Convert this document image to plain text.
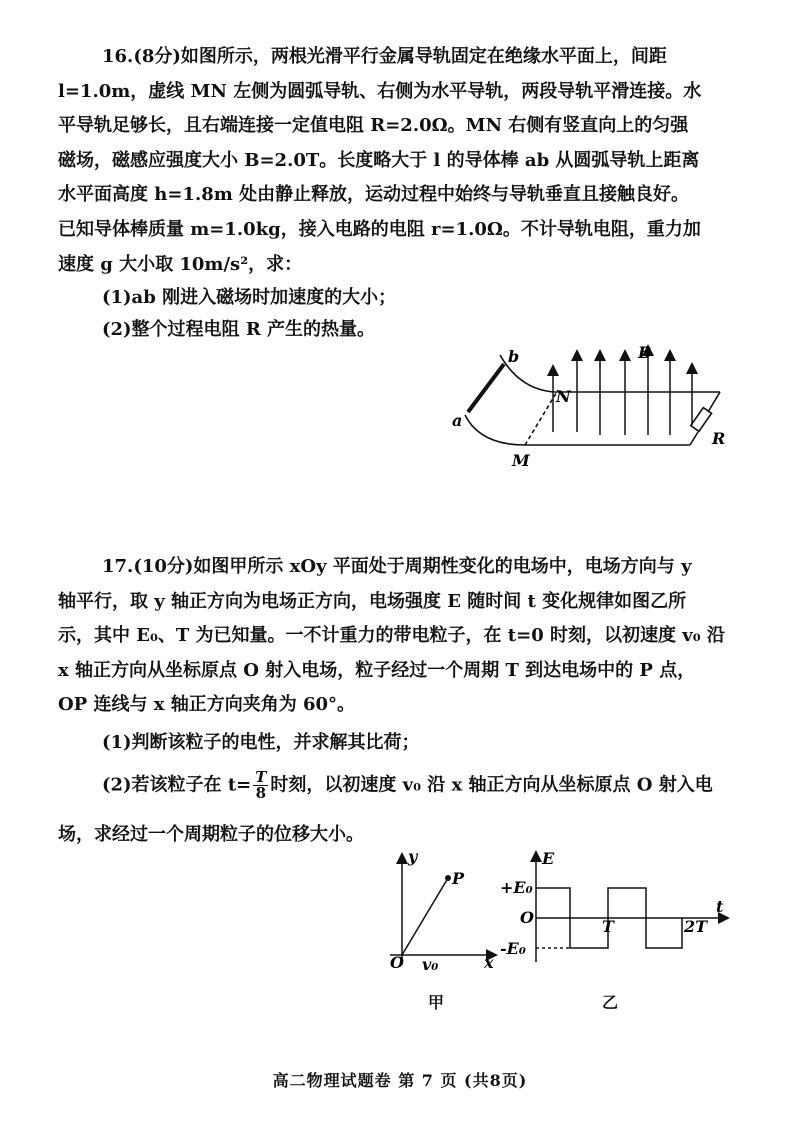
16.(8分)如图所示，两根光滑平行金属导轨固定在绝缘水平面上，间距
l=1.0m，虚线 MN 左侧为圆弧导轨、右侧为水平导轨，两段导轨平滑连接。水
平导轨足够长，且右端连接一定值电阻 R=2.0Ω。MN 右侧有竖直向上的匀强
磁场，磁感应强度大小 B=2.0T。长度略大于 l 的导体棒 ab 从圆弧导轨上距离
水平面高度 h=1.8m 处由静止释放，运动过程中始终与导轨垂直且接触良好。
已知导体棒质量 m=1.0kg，接入电路的电阻 r=1.0Ω。不计导轨电阻，重力加
速度 g 大小取 10m/s²，求：
(1)ab 刚进入磁场时加速度的大小；
(2)整个过程电阻 R 产生的热量。
a
b
N
M
B
R
17.(10分)如图甲所示 xOy 平面处于周期性变化的电场中，电场方向与 y
轴平行，取 y 轴正方向为电场正方向，电场强度 E 随时间 t 变化规律如图乙所
示，其中 E₀、T 为已知量。一不计重力的带电粒子，在 t=0 时刻，以初速度 v₀ 沿
x 轴正方向从坐标原点 O 射入电场，粒子经过一个周期 T 到达电场中的 P 点，
OP 连线与 x 轴正方向夹角为 60°。
(1)判断该粒子的电性，并求解其比荷；
(2)若该粒子在 $t= \frac{T}{8}$ 时刻，以初速度 v₀ 沿 x 轴正方向从坐标原点 O 射入电
场，求经过一个周期粒子的位移大小。
y
P
O v₀	x
甲
E
t
+E₀
O
-E₀
T	2T
乙
高二物理试题卷 第 7 页 (共8页)
